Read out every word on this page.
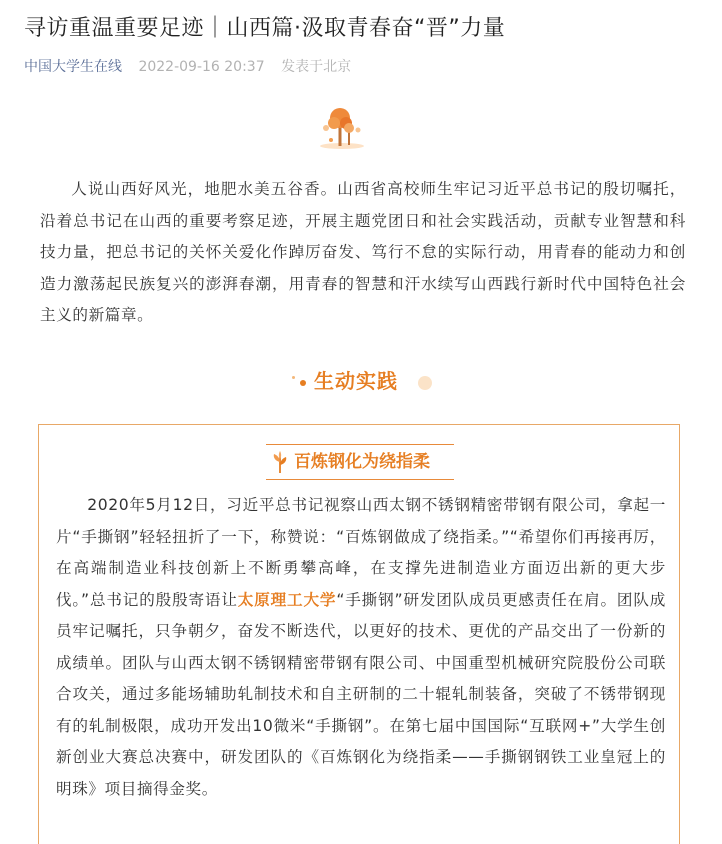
寻访重温重要足迹｜山西篇·汲取青春奋“晋”力量
中国大学生在线 2022-09-16 20:37 发表于北京

人说山西好风光，地肥水美五谷香。山西省高校师生牢记习近平总书记的殷切嘱托，沿着总书记在山西的重要考察足迹，开展主题党团日和社会实践活动，贡献专业智慧和科技力量，把总书记的关怀关爱化作踔厉奋发、笃行不怠的实际行动，用青春的能动力和创造力激荡起民族复兴的澎湃春潮，用青春的智慧和汗水续写山西践行新时代中国特色社会主义的新篇章。

生动实践
百炼钢化为绕指柔

2020年5月12日，习近平总书记视察山西太钢不锈钢精密带钢有限公司，拿起一片“手撕钢”轻轻扭折了一下，称赞说：“百炼钢做成了绕指柔。”“希望你们再接再厉，在高端制造业科技创新上不断勇攀高峰，在支撑先进制造业方面迈出新的更大步伐。”总书记的殷殷寄语让太原理工大学“手撕钢”研发团队成员更感责任在肩。团队成员牢记嘱托，只争朝夕，奋发不断迭代，以更好的技术、更优的产品交出了一份新的成绩单。团队与山西太钢不锈钢精密带钢有限公司、中国重型机械研究院股份公司联合攻关，通过多能场辅助轧制技术和自主研制的二十辊轧制装备，突破了不锈带钢现有的轧制极限，成功开发出10微米“手撕钢”。在第七届中国国际“互联网+”大学生创新创业大赛总决赛中，研发团队的《百炼钢化为绕指柔——手撕钢钢铁工业皇冠上的明珠》项目摘得金奖。
